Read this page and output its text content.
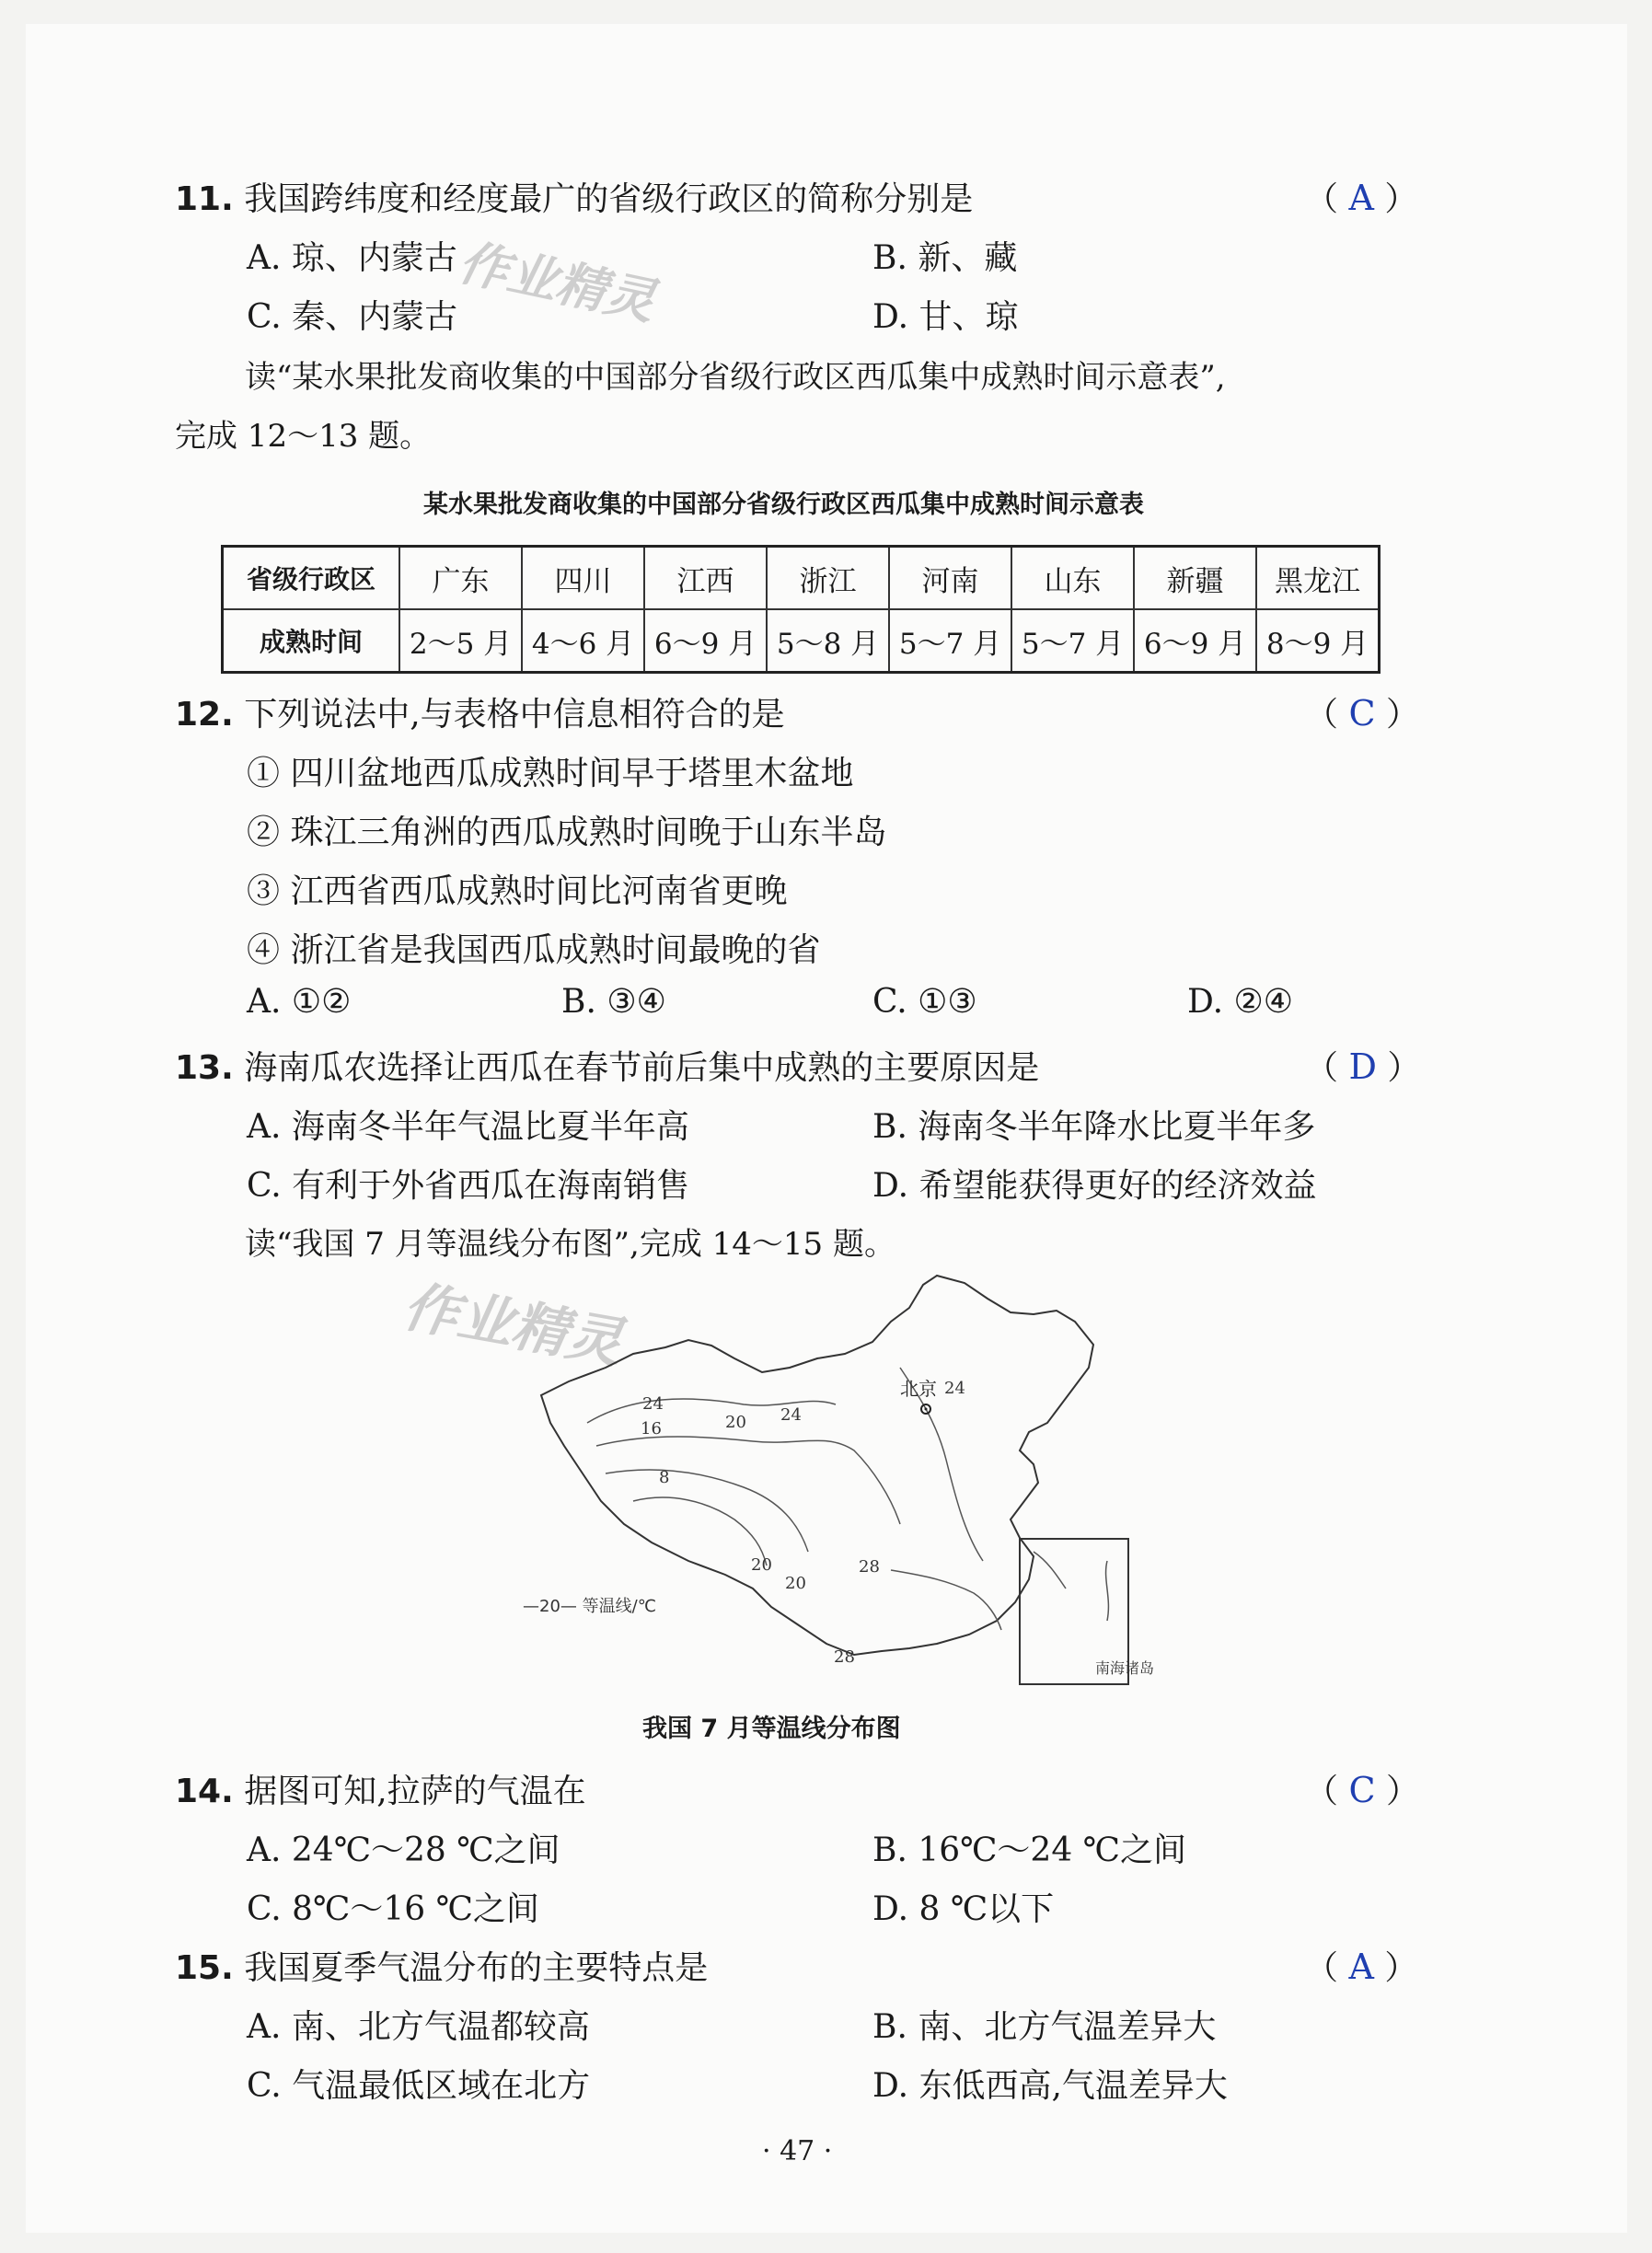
作业精灵
作业精灵
11. 我国跨纬度和经度最广的省级行政区的简称分别是	（ A ）
A. 琼、内蒙古	B. 新、藏
C. 秦、内蒙古	D. 甘、琼
读“某水果批发商收集的中国部分省级行政区西瓜集中成熟时间示意表”,
完成 12～13 题。
某水果批发商收集的中国部分省级行政区西瓜集中成熟时间示意表
省级行政区	广东	四川	江西	浙江	河南	山东	新疆	黑龙江
成熟时间	2～5 月	4～6 月	6～9 月	5～8 月	5～7 月	5～7 月	6～9 月	8～9 月
12. 下列说法中,与表格中信息相符合的是	（ C ）
① 四川盆地西瓜成熟时间早于塔里木盆地
② 珠江三角洲的西瓜成熟时间晚于山东半岛
③ 江西省西瓜成熟时间比河南省更晚
④ 浙江省是我国西瓜成熟时间最晚的省
A. ①②	B. ③④	C. ①③	D. ②④
13. 海南瓜农选择让西瓜在春节前后集中成熟的主要原因是	（ D ）
A. 海南冬半年气温比夏半年高	B. 海南冬半年降水比夏半年多
C. 有利于外省西瓜在海南销售	D. 希望能获得更好的经济效益
读“我国 7 月等温线分布图”,完成 14～15 题。
北京
24
20 24
16
8
24
20
20
28
28
—20— 等温线/℃
南海诸岛
我国 7 月等温线分布图
14. 据图可知,拉萨的气温在	（ C ）
A. 24℃～28 ℃之间	B. 16℃～24 ℃之间
C. 8℃～16 ℃之间	D. 8 ℃以下
15. 我国夏季气温分布的主要特点是	（ A ）
A. 南、北方气温都较高	B. 南、北方气温差异大
C. 气温最低区域在北方	D. 东低西高,气温差异大
· 47 ·
